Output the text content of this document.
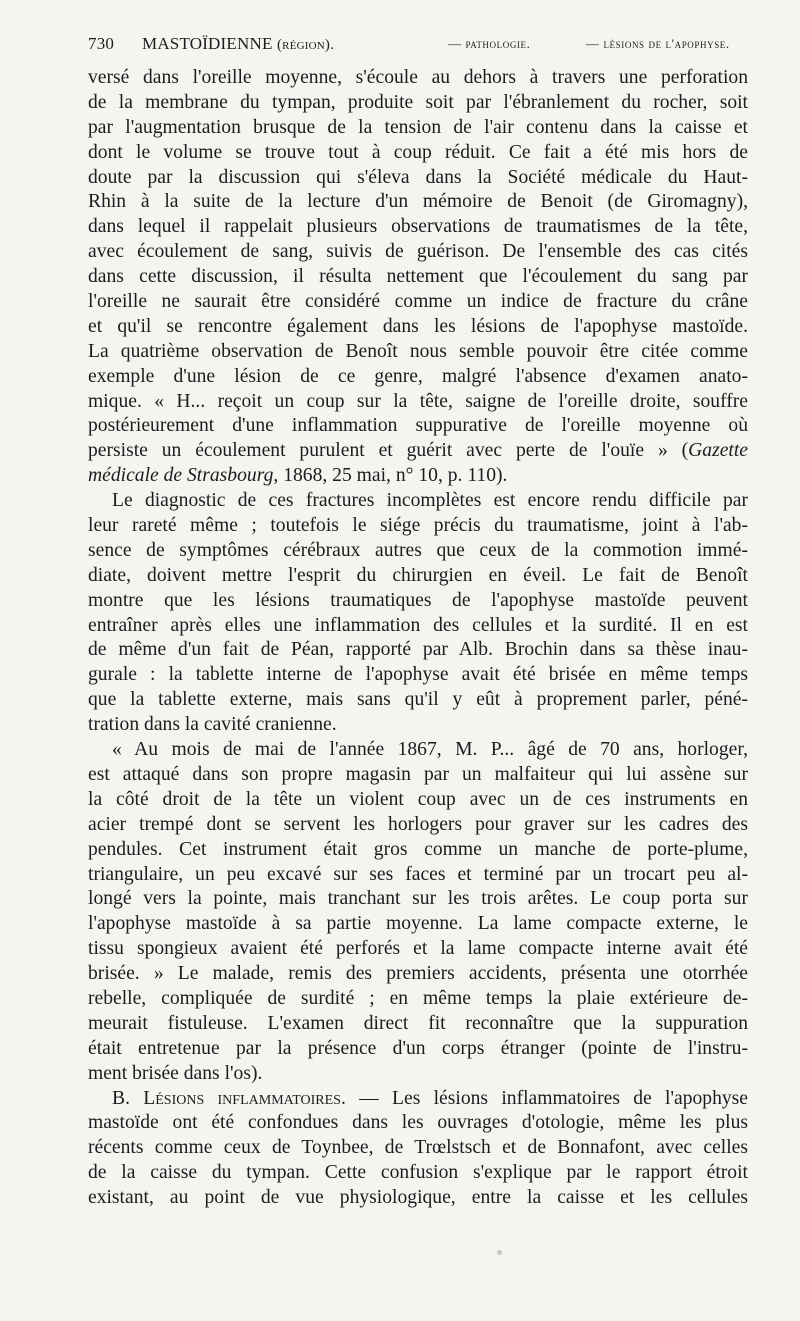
730 MASTOÏDIENNE (région).	— pathologie.	— lésions de l'apophyse.
versé dans l'oreille moyenne, s'écoule au dehors à travers une perforation
de la membrane du tympan, produite soit par l'ébranlement du rocher, soit
par l'augmentation brusque de la tension de l'air contenu dans la caisse et
dont le volume se trouve tout à coup réduit. Ce fait a été mis hors de
doute par la discussion qui s'éleva dans la Société médicale du Haut-
Rhin à la suite de la lecture d'un mémoire de Benoit (de Giromagny),
dans lequel il rappelait plusieurs observations de traumatismes de la tête,
avec écoulement de sang, suivis de guérison. De l'ensemble des cas cités
dans cette discussion, il résulta nettement que l'écoulement du sang par
l'oreille ne saurait être considéré comme un indice de fracture du crâne
et qu'il se rencontre également dans les lésions de l'apophyse mastoïde.
La quatrième observation de Benoît nous semble pouvoir être citée comme
exemple d'une lésion de ce genre, malgré l'absence d'examen anato-
mique. « H... reçoit un coup sur la tête, saigne de l'oreille droite, souffre
postérieurement d'une inflammation suppurative de l'oreille moyenne où
persiste un écoulement purulent et guérit avec perte de l'ouïe » (Gazette
médicale de Strasbourg, 1868, 25 mai, n° 10, p. 110).
Le diagnostic de ces fractures incomplètes est encore rendu difficile par
leur rareté même ; toutefois le siége précis du traumatisme, joint à l'ab-
sence de symptômes cérébraux autres que ceux de la commotion immé-
diate, doivent mettre l'esprit du chirurgien en éveil. Le fait de Benoît
montre que les lésions traumatiques de l'apophyse mastoïde peuvent
entraîner après elles une inflammation des cellules et la surdité. Il en est
de même d'un fait de Péan, rapporté par Alb. Brochin dans sa thèse inau-
gurale : la tablette interne de l'apophyse avait été brisée en même temps
que la tablette externe, mais sans qu'il y eût à proprement parler, péné-
tration dans la cavité cranienne.
« Au mois de mai de l'année 1867, M. P... âgé de 70 ans, horloger,
est attaqué dans son propre magasin par un malfaiteur qui lui assène sur
la côté droit de la tête un violent coup avec un de ces instruments en
acier trempé dont se servent les horlogers pour graver sur les cadres des
pendules. Cet instrument était gros comme un manche de porte-plume,
triangulaire, un peu excavé sur ses faces et terminé par un trocart peu al-
longé vers la pointe, mais tranchant sur les trois arêtes. Le coup porta sur
l'apophyse mastoïde à sa partie moyenne. La lame compacte externe, le
tissu spongieux avaient été perforés et la lame compacte interne avait été
brisée. » Le malade, remis des premiers accidents, présenta une otorrhée
rebelle, compliquée de surdité ; en même temps la plaie extérieure de-
meurait fistuleuse. L'examen direct fit reconnaître que la suppuration
était entretenue par la présence d'un corps étranger (pointe de l'instru-
ment brisée dans l'os).
B. Lésions inflammatoires. — Les lésions inflammatoires de l'apophyse
mastoïde ont été confondues dans les ouvrages d'otologie, même les plus
récents comme ceux de Toynbee, de Trœlstsch et de Bonnafont, avec celles
de la caisse du tympan. Cette confusion s'explique par le rapport étroit
existant, au point de vue physiologique, entre la caisse et les cellules
